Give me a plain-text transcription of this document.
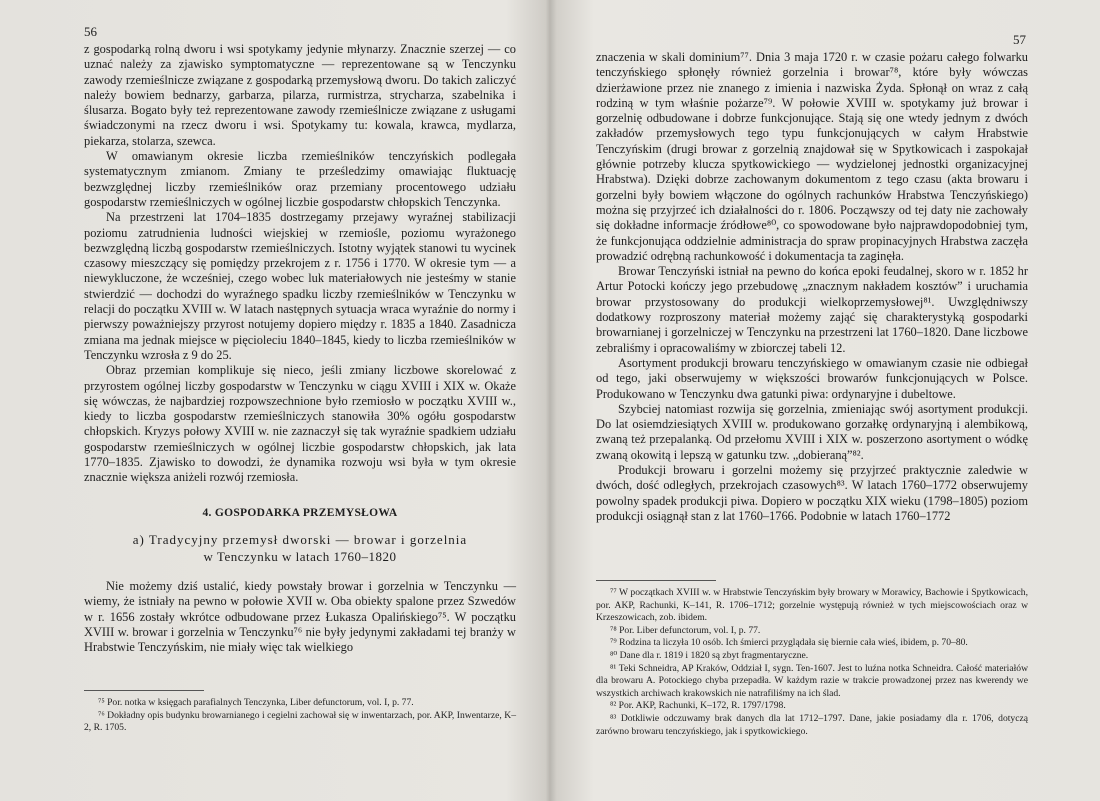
56

z gospodarką rolną dworu i wsi spotykamy jedynie młynarzy. Znacznie szerzej — co uznać należy za zjawisko symptomatyczne — reprezentowane są w Tenczynku zawody rzemieślnicze związane z gospodarką przemysłową dworu. Do takich zaliczyć należy bowiem bednarzy, garbarza, pilarza, rurmistrza, strycharza, szabelnika i ślusarza. Bogato były też reprezentowane zawody rzemieślnicze związane z usługami świadczonymi na rzecz dworu i wsi. Spotykamy tu: kowala, krawca, mydlarza, piekarza, stolarza, szewca.

W omawianym okresie liczba rzemieślników tenczyńskich podlegała systematycznym zmianom. Zmiany te prześledzimy omawiając fluktuację bezwzględnej liczby rzemieślników oraz przemiany procentowego udziału gospodarstw rzemieślniczych w ogólnej liczbie gospodarstw chłopskich Tenczynka.

Na przestrzeni lat 1704–1835 dostrzegamy przejawy wyraźnej stabilizacji poziomu zatrudnienia ludności wiejskiej w rzemiośle, poziomu wyrażonego bezwzględną liczbą gospodarstw rzemieślniczych. Istotny wyjątek stanowi tu wycinek czasowy mieszczący się pomiędzy przekrojem z r. 1756 i 1770. W okresie tym — a niewykluczone, że wcześniej, czego wobec luk materiałowych nie jesteśmy w stanie stwierdzić — dochodzi do wyraźnego spadku liczby rzemieślników w Tenczynku w relacji do początku XVIII w. W latach następnych sytuacja wraca wyraźnie do normy i pierwszy poważniejszy przyrost notujemy dopiero między r. 1835 a 1840. Zasadnicza zmiana ma jednak miejsce w pięcioleciu 1840–1845, kiedy to liczba rzemieślników w Tenczynku wzrosła z 9 do 25.

Obraz przemian komplikuje się nieco, jeśli zmiany liczbowe skorelować z przyrostem ogólnej liczby gospodarstw w Tenczynku w ciągu XVIII i XIX w. Okaże się wówczas, że najbardziej rozpowszechnione było rzemiosło w początku XVIII w., kiedy to liczba gospodarstw rzemieślniczych stanowiła 30% ogółu gospodarstw chłopskich. Kryzys połowy XVIII w. nie zaznaczył się tak wyraźnie spadkiem udziału gospodarstw rzemieślniczych w ogólnej liczbie gospodarstw chłopskich, jak lata 1770–1835. Zjawisko to dowodzi, że dynamika rozwoju wsi była w tym okresie znacznie większa aniżeli rozwój rzemiosła.

4. GOSPODARKA PRZEMYSŁOWA
a) Tradycyjny przemysł dworski — browar i gorzelnia
w Tenczynku w latach 1760–1820

Nie możemy dziś ustalić, kiedy powstały browar i gorzelnia w Tenczynku — wiemy, że istniały na pewno w połowie XVII w. Oba obiekty spalone przez Szwedów w r. 1656 zostały wkrótce odbudowane przez Łukasza Opalińskiego⁷⁵. W początku XVIII w. browar i gorzelnia w Tenczynku⁷⁶ nie były jedynymi zakładami tej branży w Hrabstwie Tenczyńskim, nie miały więc tak wielkiego

⁷⁵ Por. notka w księgach parafialnych Tenczynka, Liber defunctorum, vol. I, p. 77.

⁷⁶ Dokładny opis budynku browarnianego i cegielni zachował się w inwentarzach, por. AKP, Inwentarze, K–2, R. 1705.

57

znaczenia w skali dominium⁷⁷. Dnia 3 maja 1720 r. w czasie pożaru całego folwarku tenczyńskiego spłonęły również gorzelnia i browar⁷⁸, które były wówczas dzierżawione przez nie znanego z imienia i nazwiska Żyda. Spłonął on wraz z całą rodziną w tym właśnie pożarze⁷⁹. W połowie XVIII w. spotykamy już browar i gorzelnię odbudowane i dobrze funkcjonujące. Stają się one wtedy jednym z dwóch zakładów przemysłowych tego typu funkcjonujących w całym Hrabstwie Tenczyńskim (drugi browar z gorzelnią znajdował się w Spytkowicach i zaspokajał głównie potrzeby klucza spytkowickiego — wydzielonej jednostki organizacyjnej Hrabstwa). Dzięki dobrze zachowanym dokumentom z tego czasu (akta browaru i gorzelni były bowiem włączone do ogólnych rachunków Hrabstwa Tenczyńskiego) można się przyjrzeć ich działalności do r. 1806. Począwszy od tej daty nie zachowały się dokładne informacje źródłowe⁸⁰, co spowodowane było najprawdopodobniej tym, że funkcjonująca oddzielnie administracja do spraw propinacyjnych Hrabstwa zaczęła prowadzić odrębną rachunkowość i dokumentacja ta zaginęła.

Browar Tenczyński istniał na pewno do końca epoki feudalnej, skoro w r. 1852 hr Artur Potocki kończy jego przebudowę „znacznym nakładem kosztów” i uruchamia browar przystosowany do produkcji wielkoprzemysłowej⁸¹. Uwzględniwszy dodatkowy rozproszony materiał możemy zająć się charakterystyką gospodarki browarnianej i gorzelniczej w Tenczynku na przestrzeni lat 1760–1820. Dane liczbowe zebraliśmy i opracowaliśmy w zbiorczej tabeli 12.

Asortyment produkcji browaru tenczyńskiego w omawianym czasie nie odbiegał od tego, jaki obserwujemy w większości browarów funkcjonujących w Polsce. Produkowano w Tenczynku dwa gatunki piwa: ordynaryjne i dubeltowe.

Szybciej natomiast rozwija się gorzelnia, zmieniając swój asortyment produkcji. Do lat osiemdziesiątych XVIII w. produkowano gorzałkę ordynaryjną i alembikową, zwaną też przepalanką. Od przełomu XVIII i XIX w. poszerzono asortyment o wódkę zwaną okowitą i lepszą w gatunku tzw. „dobieraną”⁸².

Produkcji browaru i gorzelni możemy się przyjrzeć praktycznie zaledwie w dwóch, dość odległych, przekrojach czasowych⁸³. W latach 1760–1772 obserwujemy powolny spadek produkcji piwa. Dopiero w początku XIX wieku (1798–1805) poziom produkcji osiągnął stan z lat 1760–1766. Podobnie w latach 1760–1772

⁷⁷ W początkach XVIII w. w Hrabstwie Tenczyńskim były browary w Morawicy, Bachowie i Spytkowicach, por. AKP, Rachunki, K–141, R. 1706–1712; gorzelnie występują również w tych miejscowościach oraz w Krzeszowicach, zob. ibidem.

⁷⁸ Por. Liber defunctorum, vol. I, p. 77.

⁷⁹ Rodzina ta liczyła 10 osób. Ich śmierci przyglądała się biernie cała wieś, ibidem, p. 70–80.

⁸⁰ Dane dla r. 1819 i 1820 są zbyt fragmentaryczne.

⁸¹ Teki Schneidra, AP Kraków, Oddział I, sygn. Ten-1607. Jest to luźna notka Schneidra. Całość materiałów dla browaru A. Potockiego chyba przepadła. W każdym razie w trakcie prowadzonej przez nas kwerendy we wszystkich archiwach krakowskich nie natrafiliśmy na ich ślad.

⁸² Por. AKP, Rachunki, K–172, R. 1797/1798.

⁸³ Dotkliwie odczuwamy brak danych dla lat 1712–1797. Dane, jakie posiadamy dla r. 1706, dotyczą zarówno browaru tenczyńskiego, jak i spytkowickiego.
